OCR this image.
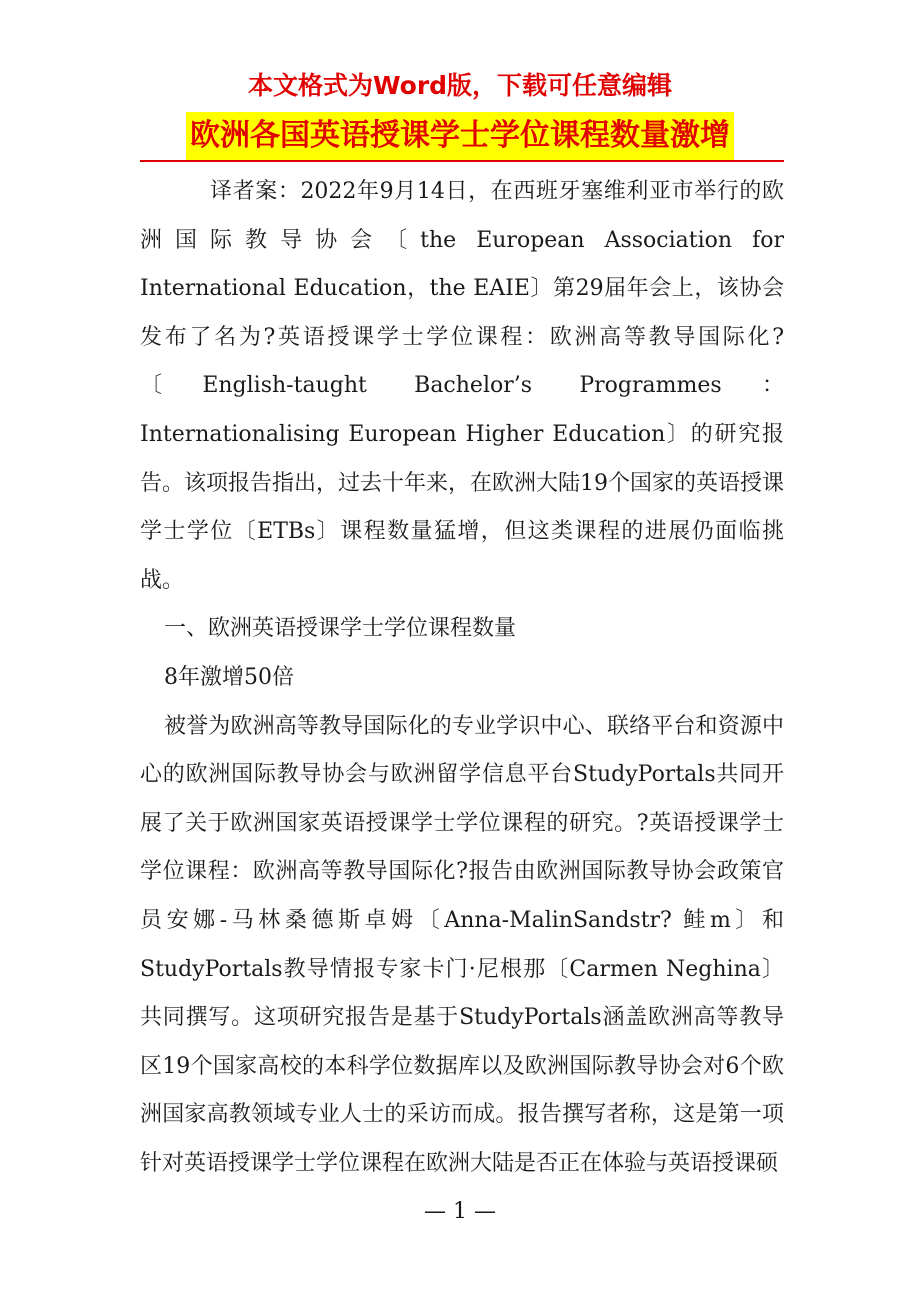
本文格式为Word版，下载可任意编辑
欧洲各国英语授课学士学位课程数量激增

译者案：2022年9月14日，在西班牙塞维利亚市举行的欧洲国际教导协会〔the European Association for International Education，the EAIE〕第29届年会上，该协会发布了名为?英语授课学士学位课程：欧洲高等教导国际化?〔English-taught Bachelor’s Programmes： Internationalising European Higher Education〕的研究报告。该项报告指出，过去十年来，在欧洲大陆19个国家的英语授课学士学位〔ETBs〕课程数量猛增，但这类课程的进展仍面临挑战。

一、欧洲英语授课学士学位课程数量

8年激增50倍

被誉为欧洲高等教导国际化的专业学识中心、联络平台和资源中心的欧洲国际教导协会与欧洲留学信息平台StudyPortals共同开展了关于欧洲国家英语授课学士学位课程的研究。?英语授课学士学位课程：欧洲高等教导国际化?报告由欧洲国际教导协会政策官员安娜-马林桑德斯卓姆〔Anna-MalinSandstr? 鲑m〕和StudyPortals教导情报专家卡门·尼根那〔Carmen Neghina〕共同撰写。这项研究报告是基于StudyPortals涵盖欧洲高等教导区19个国家高校的本科学位数据库以及欧洲国际教导协会对6个欧洲国家高教领域专业人士的采访而成。报告撰写者称，这是第一项针对英语授课学士学位课程在欧洲大陆是否正在体验与英语授课硕

— 1 —
